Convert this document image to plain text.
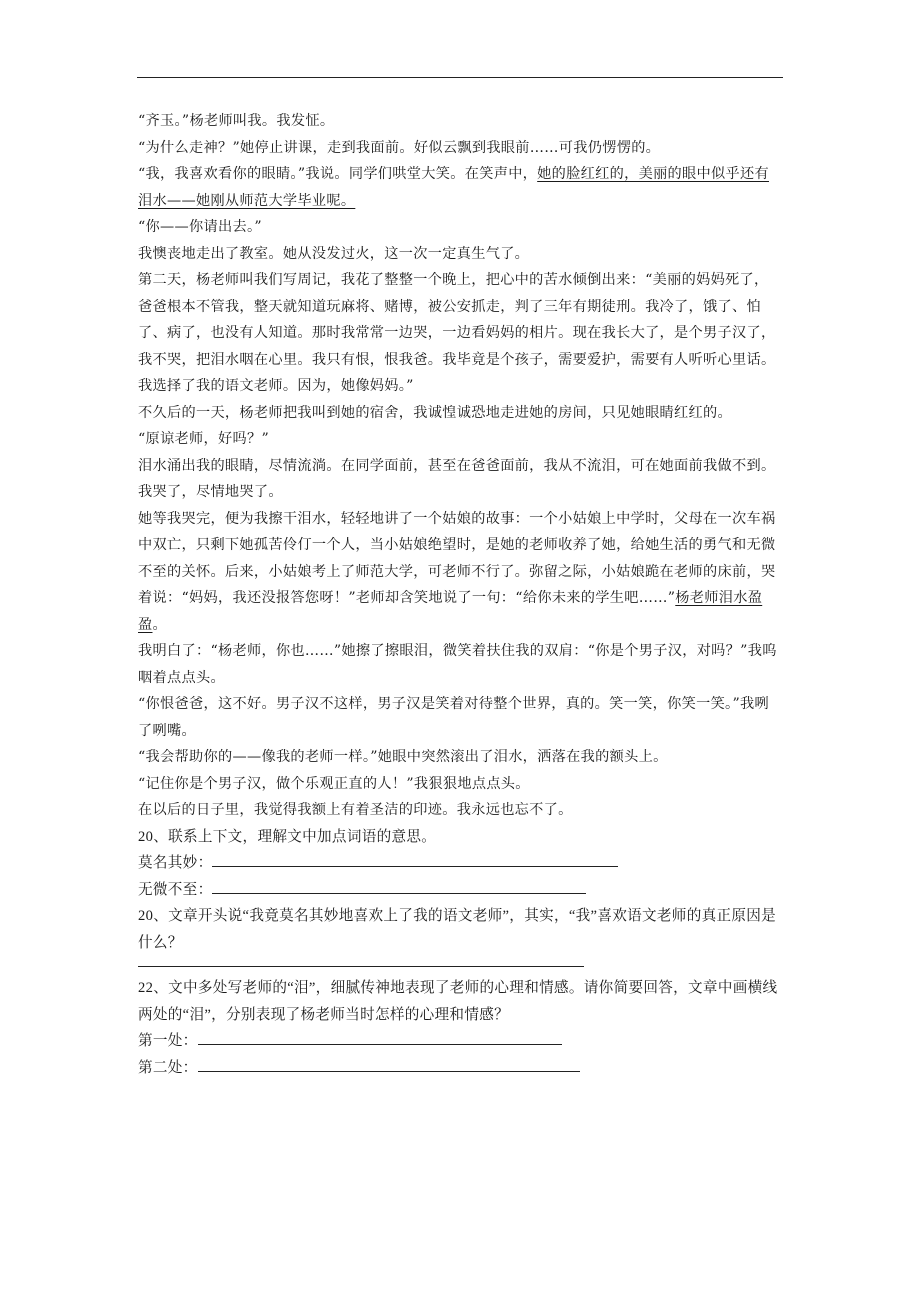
“齐玉。”杨老师叫我。我发怔。

“为什么走神？”她停止讲课，走到我面前。好似云飘到我眼前……可我仍愣愣的。

“我，我喜欢看你的眼睛。”我说。同学们哄堂大笑。在笑声中，她的脸红红的，美丽的眼中似乎还有泪水——她刚从师范大学毕业呢。

“你——你请出去。”

我懊丧地走出了教室。她从没发过火，这一次一定真生气了。

第二天，杨老师叫我们写周记，我花了整整一个晚上，把心中的苦水倾倒出来：“美丽的妈妈死了，爸爸根本不管我，整天就知道玩麻将、赌博，被公安抓走，判了三年有期徒刑。我冷了，饿了、怕了、病了，也没有人知道。那时我常常一边哭，一边看妈妈的相片。现在我长大了，是个男子汉了，我不哭，把泪水咽在心里。我只有恨，恨我爸。我毕竟是个孩子，需要爱护，需要有人听听心里话。我选择了我的语文老师。因为，她像妈妈。”

不久后的一天，杨老师把我叫到她的宿舍，我诚惶诚恐地走进她的房间，只见她眼睛红红的。

“原谅老师，好吗？”

泪水涌出我的眼睛，尽情流淌。在同学面前，甚至在爸爸面前，我从不流泪，可在她面前我做不到。我哭了，尽情地哭了。

她等我哭完，便为我擦干泪水，轻轻地讲了一个姑娘的故事：一个小姑娘上中学时，父母在一次车祸中双亡，只剩下她孤苦伶仃一个人，当小姑娘绝望时，是她的老师收养了她，给她生活的勇气和无微不至的关怀。后来，小姑娘考上了师范大学，可老师不行了。弥留之际，小姑娘跪在老师的床前，哭着说：“妈妈，我还没报答您呀！”老师却含笑地说了一句：“给你未来的学生吧……”杨老师泪水盈盈。

我明白了：“杨老师，你也……”她擦了擦眼泪，微笑着扶住我的双肩：“你是个男子汉，对吗？”我呜咽着点点头。

“你恨爸爸，这不好。男子汉不这样，男子汉是笑着对待整个世界，真的。笑一笑，你笑一笑。”我咧了咧嘴。

“我会帮助你的——像我的老师一样。”她眼中突然滚出了泪水，洒落在我的额头上。

“记住你是个男子汉，做个乐观正直的人！”我狠狠地点点头。

在以后的日子里，我觉得我额上有着圣洁的印迹。我永远也忘不了。

20、联系上下文，理解文中加点词语的意思。

莫名其妙：

无微不至：

20、文章开头说“我竟莫名其妙地喜欢上了我的语文老师”，其实，“我”喜欢语文老师的真正原因是什么？

22、文中多处写老师的“泪”，细腻传神地表现了老师的心理和情感。请你简要回答，文章中画横线两处的“泪”，分别表现了杨老师当时怎样的心理和情感？

第一处：

第二处：
